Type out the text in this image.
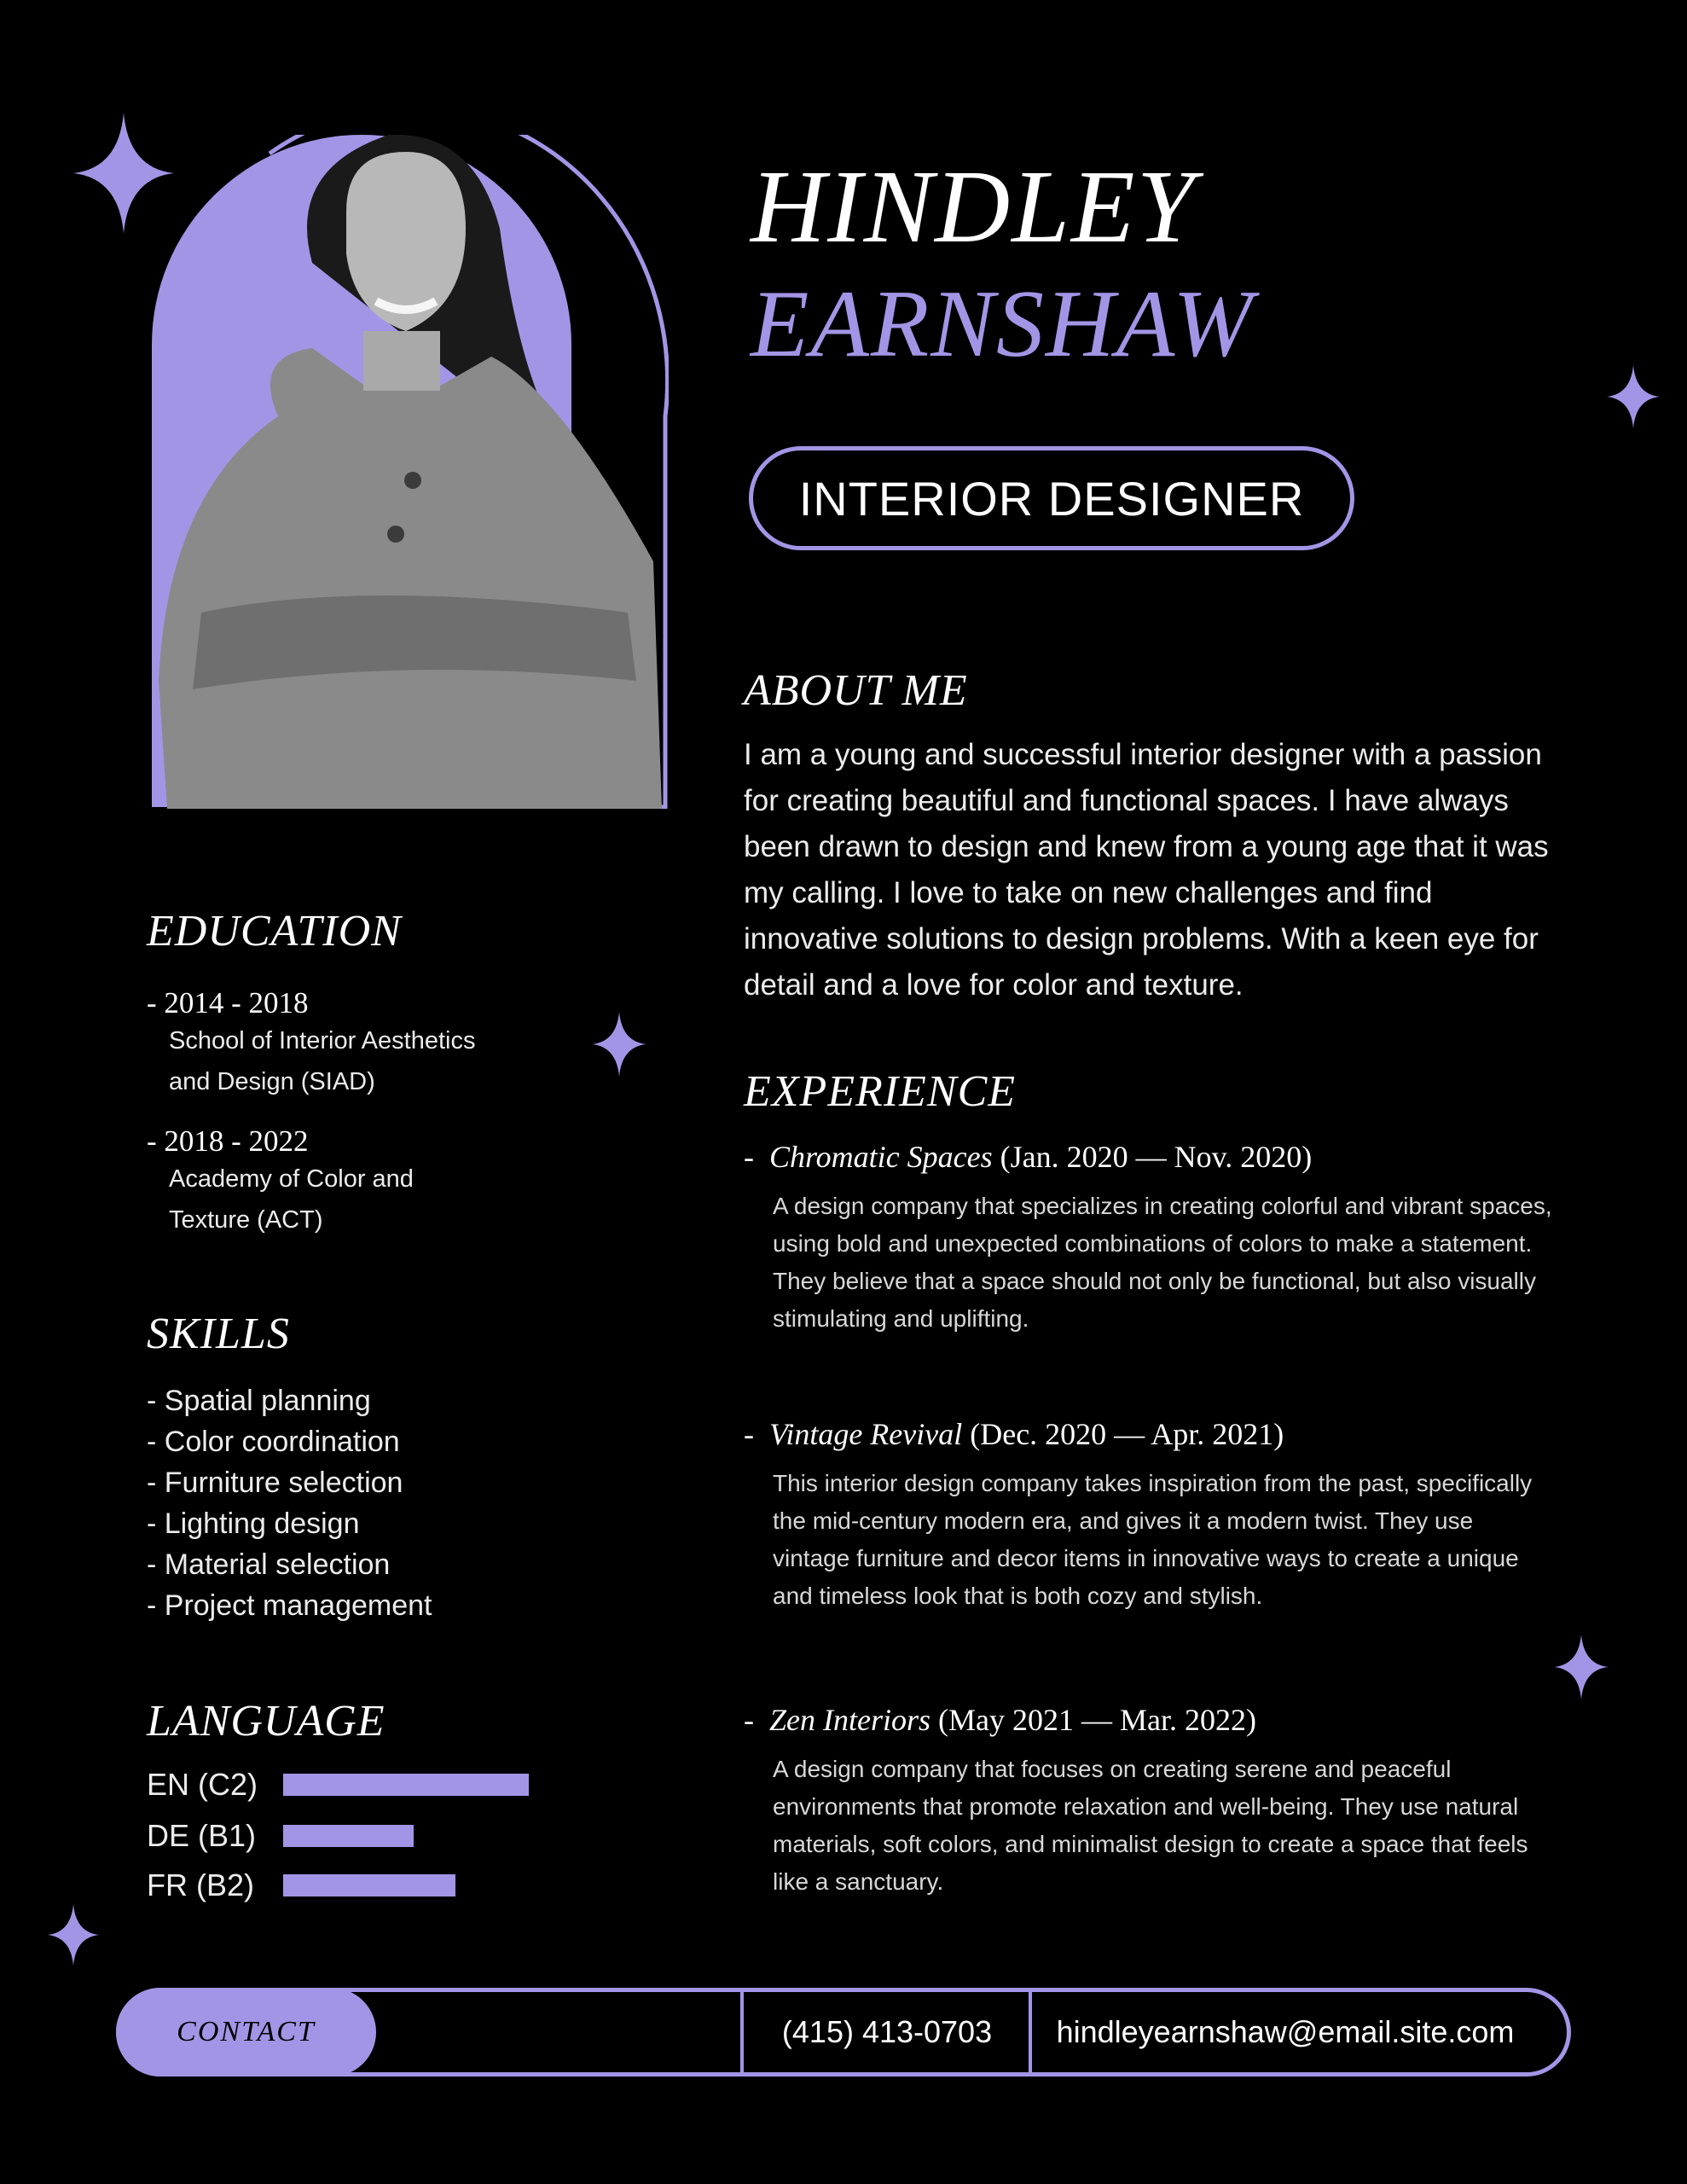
HINDLEY
EARNSHAW
INTERIOR DESIGNER
ABOUT ME
I am a young and successful interior designer with a passion for creating beautiful and functional spaces. I have always been drawn to design and knew from a young age that it was my calling. I love to take on new challenges and find innovative solutions to design problems. With a keen eye for detail and a love for color and texture.
EDUCATION
- 2014 - 2018
School of Interior Aesthetics
and Design (SIAD)
- 2018 - 2022
Academy of Color and
Texture (ACT)
SKILLS
- Spatial planning
- Color coordination
- Furniture selection
- Lighting design
- Material selection
- Project management
LANGUAGE
EN (C2)
DE (B1)
FR (B2)
EXPERIENCE
- Chromatic Spaces (Jan. 2020 — Nov. 2020)
A design company that specializes in creating colorful and vibrant spaces, using bold and unexpected combinations of colors to make a statement. They believe that a space should not only be functional, but also visually stimulating and uplifting.
- Vintage Revival (Dec. 2020 — Apr. 2021)
This interior design company takes inspiration from the past, specifically the mid-century modern era, and gives it a modern twist. They use vintage furniture and decor items in innovative ways to create a unique and timeless look that is both cozy and stylish.
- Zen Interiors (May 2021 — Mar. 2022)
A design company that focuses on creating serene and peaceful environments that promote relaxation and well-being. They use natural materials, soft colors, and minimalist design to create a space that feels like a sanctuary.
CONTACT	(415) 413-0703	hindleyearnshaw@email.site.com
